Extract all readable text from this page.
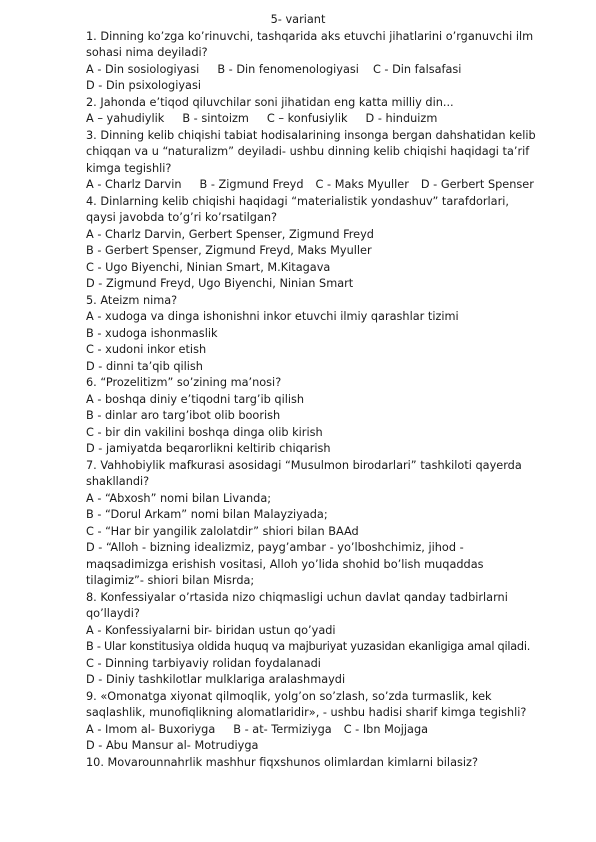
5- variant
1. Dinning ko’zga ko’rinuvchi, tashqarida aks etuvchi jihatlarini o’rganuvchi ilm sohasi nima deyiladi?
A - Din sosiologiyasi B - Din fenomenologiyasi C - Din falsafasi
D - Din psixologiyasi
2. Jahonda e’tiqod qiluvchilar soni jihatidan eng katta milliy din...
A – yahudiylik B - sintoizm C – konfusiylik D - hinduizm
3. Dinning kelib chiqishi tabiat hodisalarining insonga bergan dahshatidan kelib chiqqan va u “naturalizm” deyiladi- ushbu dinning kelib chiqishi haqidagi ta’rif kimga tegishli?
A - Charlz Darvin B - Zigmund Freyd C - Maks Myuller D - Gerbert Spenser
4. Dinlarning kelib chiqishi haqidagi “materialistik yondashuv” tarafdorlari, qaysi javobda to’g’ri ko’rsatilgan?
A - Charlz Darvin, Gerbert Spenser, Zigmund Freyd
B - Gerbert Spenser, Zigmund Freyd, Maks Myuller
C - Ugo Biyenchi, Ninian Smart, M.Kitagava
D - Zigmund Freyd, Ugo Biyenchi, Ninian Smart
5. Ateizm nima?
A - xudoga va dinga ishonishni inkor etuvchi ilmiy qarashlar tizimi
B - xudoga ishonmaslik
C - xudoni inkor etish
D - dinni ta’qib qilish
6. “Prozelitizm” so’zining ma’nosi?
A - boshqa diniy e’tiqodni targ’ib qilish
B - dinlar aro targ’ibot olib boorish
C - bir din vakilini boshqa dinga olib kirish
D - jamiyatda beqarorlikni keltirib chiqarish
7. Vahhobiylik mafkurasi asosidagi “Musulmon birodarlari” tashkiloti qayerda shakllandi?
A - “Abxosh” nomi bilan Livanda;
B - “Dorul Arkam” nomi bilan Malayziyada;
C - “Har bir yangilik zalolatdir” shiori bilan BAAd
D - “Alloh - bizning idealizmiz, payg’ambar - yo’lboshchimiz, jihod - maqsadimizga erishish vositasi, Alloh yo’lida shohid bo’lish muqaddas tilagimiz”- shiori bilan Misrda;
8. Konfessiyalar o’rtasida nizo chiqmasligi uchun davlat qanday tadbirlarni qo’llaydi?
A - Konfessiyalarni bir- biridan ustun qo’yadi
B - Ular konstitusiya oldida huquq va majburiyat yuzasidan ekanligiga amal qiladi.
C - Dinning tarbiyaviy rolidan foydalanadi
D - Diniy tashkilotlar mulklariga aralashmaydi
9. «Omonatga xiyonat qilmoqlik, yolg’on so’zlash, so’zda turmaslik, kek saqlashlik, munofiqlikning alomatlaridir», - ushbu hadisi sharif kimga tegishli?
A - Imom al- Buxoriyga B - at- Termiziyga C - Ibn Mojjaga
D - Abu Mansur al- Motrudiyga
10. Movarounnahrlik mashhur fiqxshunos olimlardan kimlarni bilasiz?
